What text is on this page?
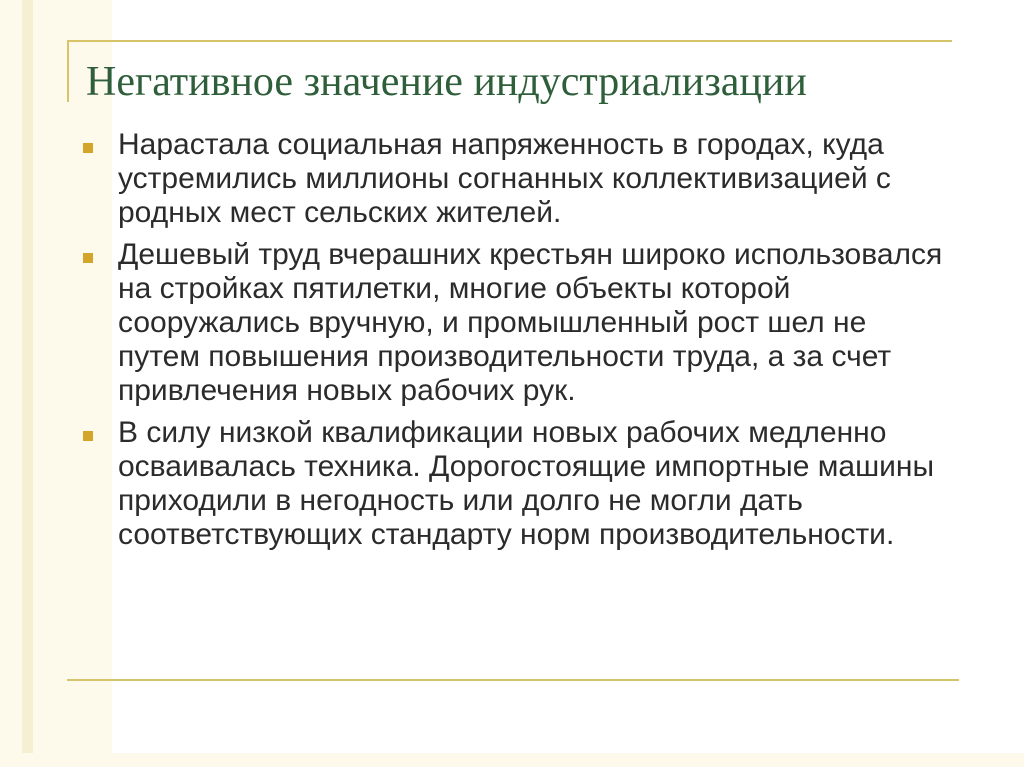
Негативное значение индустриализации
Нарастала социальная напряженность в городах, куда устремились миллионы согнанных коллективизацией с родных мест сельских жителей.
Дешевый труд вчерашних крестьян широко использовался на стройках пятилетки, многие объекты которой сооружались вручную, и промышленный рост шел не путем повышения производительности труда, а за счет привлечения новых рабочих рук.
В силу низкой квалификации новых рабочих медленно осваивалась техника. Дорогостоящие импортные машины приходили в негодность или долго не могли дать соответствующих стандарту норм производительности.
